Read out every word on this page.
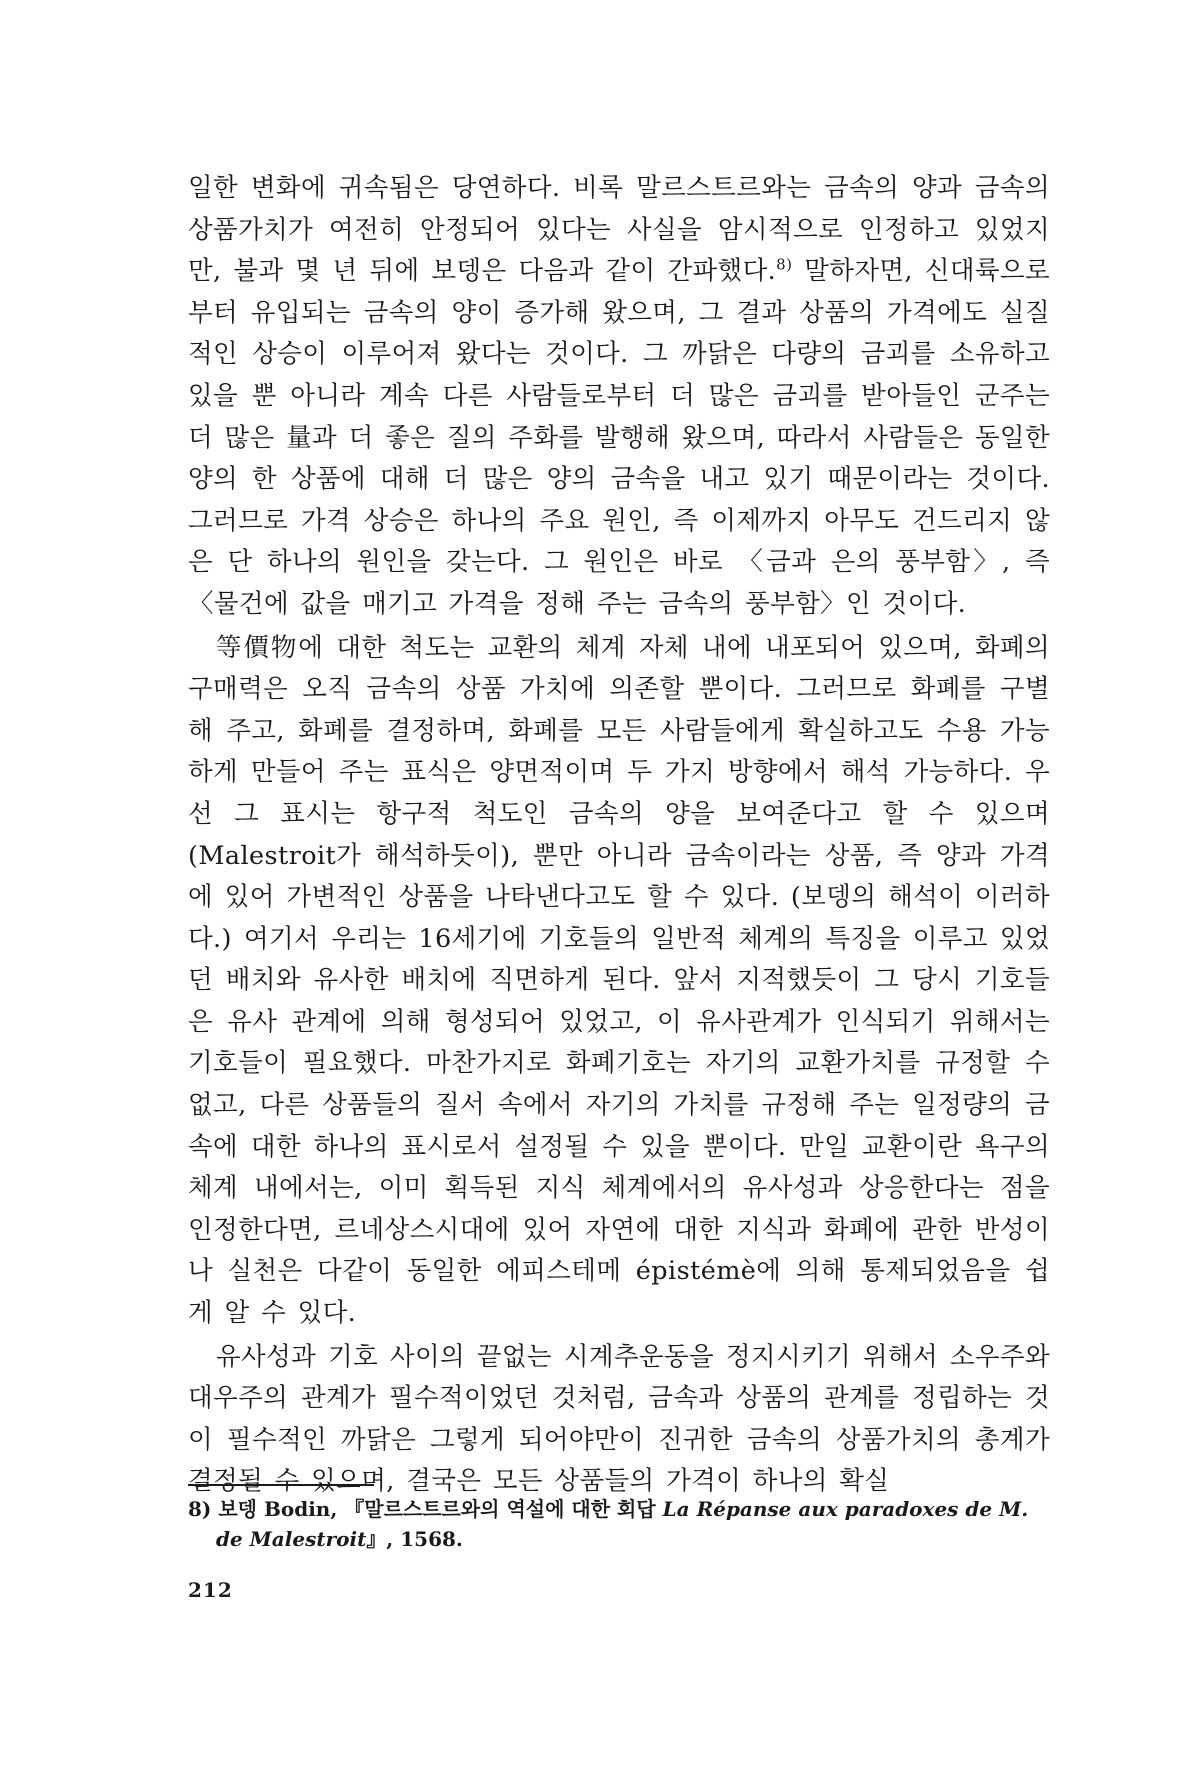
일한 변화에 귀속됨은 당연하다. 비록 말르스트르와는 금속의 양과 금속의 상품가치가 여전히 안정되어 있다는 사실을 암시적으로 인정하고 있었지만, 불과 몇 년 뒤에 보뎅은 다음과 같이 간파했다.$^{8)}$ 말하자면, 신대륙으로부터 유입되는 금속의 양이 증가해 왔으며, 그 결과 상품의 가격에도 실질적인 상승이 이루어져 왔다는 것이다. 그 까닭은 다량의 금괴를 소유하고 있을 뿐 아니라 계속 다른 사람들로부터 더 많은 금괴를 받아들인 군주는 더 많은 量과 더 좋은 질의 주화를 발행해 왔으며, 따라서 사람들은 동일한 양의 한 상품에 대해 더 많은 양의 금속을 내고 있기 때문이라는 것이다. 그러므로 가격 상승은 하나의 주요 원인, 즉 이제까지 아무도 건드리지 않은 단 하나의 원인을 갖는다. 그 원인은 바로 〈금과 은의 풍부함〉, 즉 〈물건에 값을 매기고 가격을 정해 주는 금속의 풍부함〉인 것이다.

等價物에 대한 척도는 교환의 체계 자체 내에 내포되어 있으며, 화폐의 구매력은 오직 금속의 상품 가치에 의존할 뿐이다. 그러므로 화폐를 구별해 주고, 화폐를 결정하며, 화폐를 모든 사람들에게 확실하고도 수용 가능하게 만들어 주는 표식은 양면적이며 두 가지 방향에서 해석 가능하다. 우선 그 표시는 항구적 척도인 금속의 양을 보여준다고 할 수 있으며(Malestroit가 해석하듯이), 뿐만 아니라 금속이라는 상품, 즉 양과 가격에 있어 가변적인 상품을 나타낸다고도 할 수 있다. (보뎅의 해석이 이러하다.) 여기서 우리는 16세기에 기호들의 일반적 체계의 특징을 이루고 있었던 배치와 유사한 배치에 직면하게 된다. 앞서 지적했듯이 그 당시 기호들은 유사 관계에 의해 형성되어 있었고, 이 유사관계가 인식되기 위해서는 기호들이 필요했다. 마찬가지로 화폐기호는 자기의 교환가치를 규정할 수 없고, 다른 상품들의 질서 속에서 자기의 가치를 규정해 주는 일정량의 금속에 대한 하나의 표시로서 설정될 수 있을 뿐이다. 만일 교환이란 욕구의 체계 내에서는, 이미 획득된 지식 체계에서의 유사성과 상응한다는 점을 인정한다면, 르네상스시대에 있어 자연에 대한 지식과 화폐에 관한 반성이나 실천은 다같이 동일한 에피스테메 épistémè에 의해 통제되었음을 쉽게 알 수 있다.

유사성과 기호 사이의 끝없는 시계추운동을 정지시키기 위해서 소우주와 대우주의 관계가 필수적이었던 것처럼, 금속과 상품의 관계를 정립하는 것이 필수적인 까닭은 그렇게 되어야만이 진귀한 금속의 상품가치의 총계가 결정될 수 있으며, 결국은 모든 상품들의 가격이 하나의 확실

8) 보뎅 Bodin, 『말르스트르와의 역설에 대한 회답 La Répanse aux paradoxes de M.
de Malestroit』, 1568.
212
